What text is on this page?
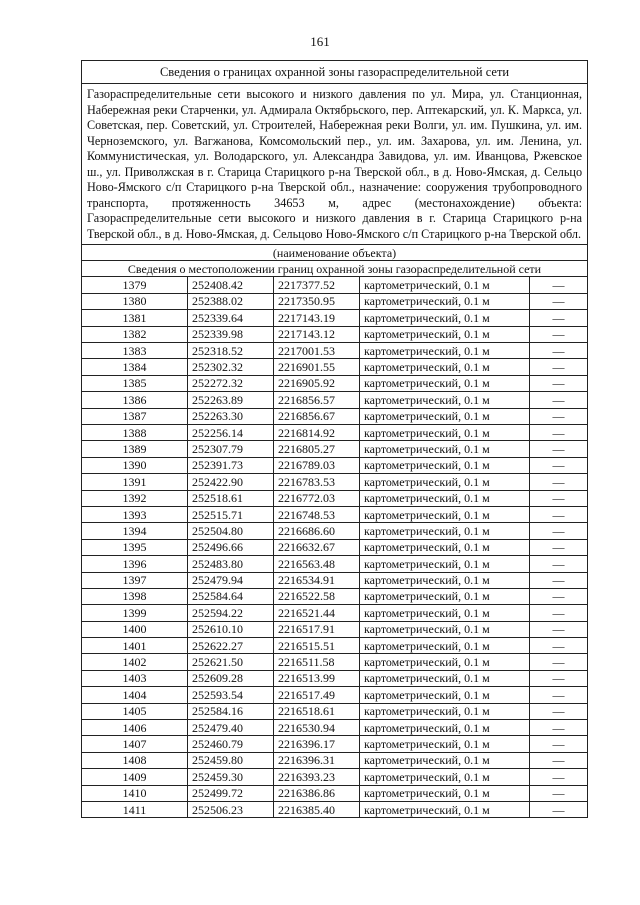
161
Сведения о границах охранной зоны газораспределительной сети				
Газораспределительные сети высокого и низкого давления по ул. Мира, ул. Станционная, Набережная реки Старченки, ул. Адмирала Октябрьского, пер. Аптекарский, ул. К. Маркса, ул. Советская, пер. Советский, ул. Строителей, Набережная реки Волги, ул. им. Пушкина, ул. им. Черноземского, ул. Вагжанова, Комсомольский пер., ул. им. Захарова, ул. им. Ленина, ул. Коммунистическая, ул. Володарского, ул. Александра Завидова, ул. им. Иванцова, Ржевское ш., ул. Приволжская в г. Старица Старицкого р-на Тверской обл., в д. Ново-Ямская, д. Сельцо Ново-Ямского с/п Старицкого р-на Тверской обл., назначение: сооружения трубопроводного транспорта, протяженность 34653 м, адрес (местонахождение) объекта: Газораспределительные сети высокого и низкого давления в г. Старица Старицкого р-на Тверской обл., в д. Ново-Ямская, д. Сельцово Ново-Ямского с/п Старицкого р-на Тверской обл.				
(наименование объекта)				
Сведения о местоположении границ охранной зоны газораспределительной сети				
1379	252408.42	2217377.52	картометрический, 0.1 м	—
1380	252388.02	2217350.95	картометрический, 0.1 м	—
1381	252339.64	2217143.19	картометрический, 0.1 м	—
1382	252339.98	2217143.12	картометрический, 0.1 м	—
1383	252318.52	2217001.53	картометрический, 0.1 м	—
1384	252302.32	2216901.55	картометрический, 0.1 м	—
1385	252272.32	2216905.92	картометрический, 0.1 м	—
1386	252263.89	2216856.57	картометрический, 0.1 м	—
1387	252263.30	2216856.67	картометрический, 0.1 м	—
1388	252256.14	2216814.92	картометрический, 0.1 м	—
1389	252307.79	2216805.27	картометрический, 0.1 м	—
1390	252391.73	2216789.03	картометрический, 0.1 м	—
1391	252422.90	2216783.53	картометрический, 0.1 м	—
1392	252518.61	2216772.03	картометрический, 0.1 м	—
1393	252515.71	2216748.53	картометрический, 0.1 м	—
1394	252504.80	2216686.60	картометрический, 0.1 м	—
1395	252496.66	2216632.67	картометрический, 0.1 м	—
1396	252483.80	2216563.48	картометрический, 0.1 м	—
1397	252479.94	2216534.91	картометрический, 0.1 м	—
1398	252584.64	2216522.58	картометрический, 0.1 м	—
1399	252594.22	2216521.44	картометрический, 0.1 м	—
1400	252610.10	2216517.91	картометрический, 0.1 м	—
1401	252622.27	2216515.51	картометрический, 0.1 м	—
1402	252621.50	2216511.58	картометрический, 0.1 м	—
1403	252609.28	2216513.99	картометрический, 0.1 м	—
1404	252593.54	2216517.49	картометрический, 0.1 м	—
1405	252584.16	2216518.61	картометрический, 0.1 м	—
1406	252479.40	2216530.94	картометрический, 0.1 м	—
1407	252460.79	2216396.17	картометрический, 0.1 м	—
1408	252459.80	2216396.31	картометрический, 0.1 м	—
1409	252459.30	2216393.23	картометрический, 0.1 м	—
1410	252499.72	2216386.86	картометрический, 0.1 м	—
1411	252506.23	2216385.40	картометрический, 0.1 м	—
